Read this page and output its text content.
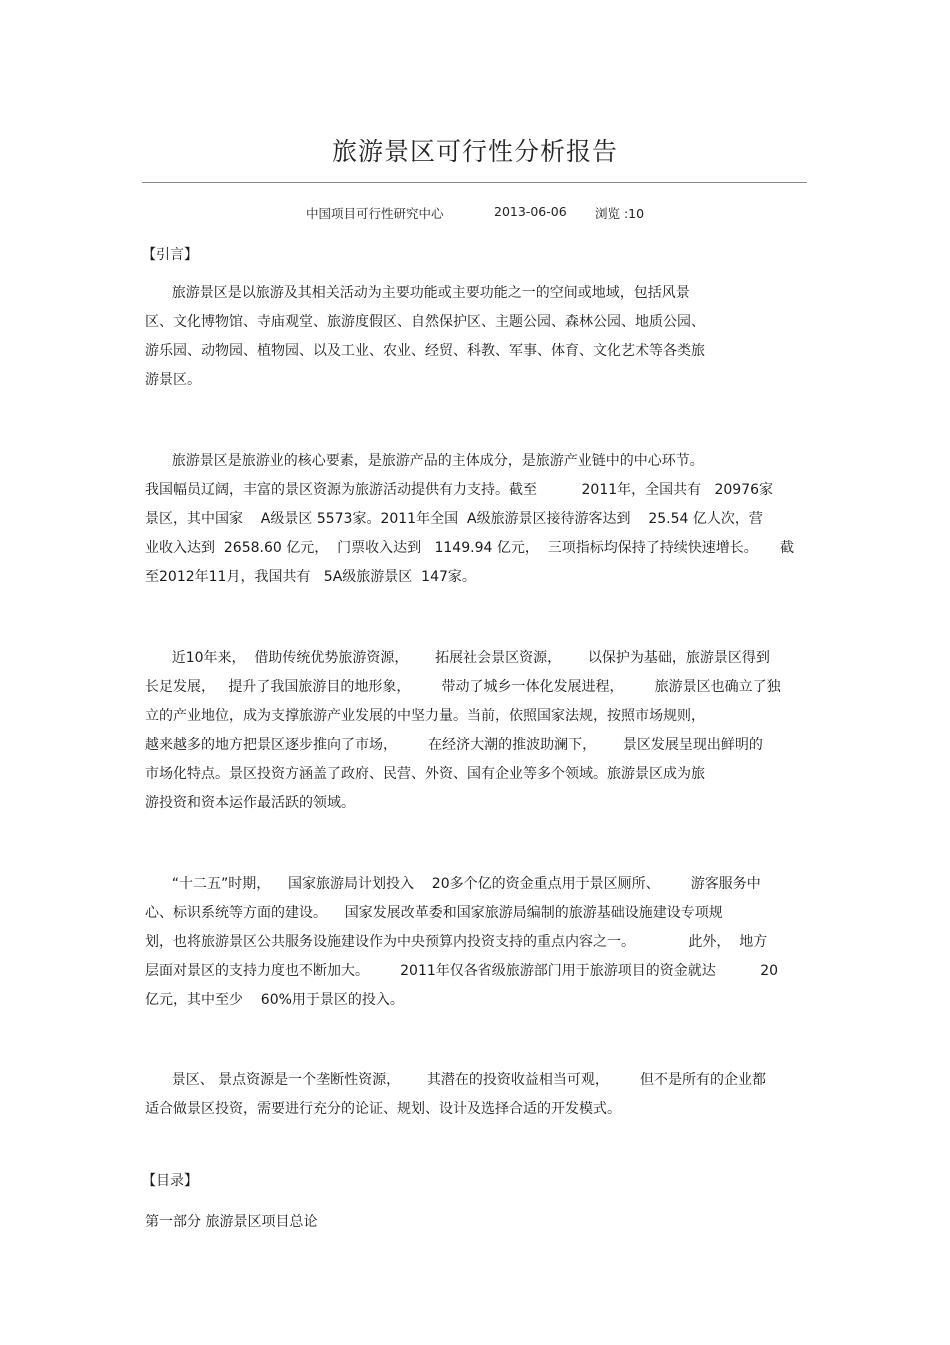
旅游景区可行性分析报告
中国项目可行性研究中心	2013-06-06 浏览 :10
【引言】
旅游景区是以旅游及其相关活动为主要功能或主要功能之一的空间或地域，包括风景
区、文化博物馆、寺庙观堂、旅游度假区、自然保护区、主题公园、森林公园、地质公园、
游乐园、动物园、植物园、以及工业、农业、经贸、科教、军事、体育、文化艺术等各类旅
游景区。
旅游景区是旅游业的核心要素，是旅游产品的主体成分，是旅游产业链中的中心环节。
我国幅员辽阔，丰富的景区资源为旅游活动提供有力支持。截至          2011年，全国共有   20976家
景区，其中国家    A级景区 5573家。2011年全国  A级旅游景区接待游客达到    25.54 亿人次，营
业收入达到  2658.60 亿元，  门票收入达到   1149.94 亿元，  三项指标均保持了持续快速增长。     截
至2012年11月，我国共有   5A级旅游景区  147家。
近10年来，  借助传统优势旅游资源，      拓展社会景区资源，      以保护为基础，旅游景区得到
长足发展，   提升了我国旅游目的地形象，       带动了城乡一体化发展进程，       旅游景区也确立了独
立的产业地位，成为支撑旅游产业发展的中坚力量。当前，依照国家法规，按照市场规则，
越来越多的地方把景区逐步推向了市场，       在经济大潮的推波助澜下，      景区发展呈现出鲜明的
市场化特点。景区投资方涵盖了政府、民营、外资、国有企业等多个领域。旅游景区成为旅
游投资和资本运作最活跃的领域。
“十二五”时期，    国家旅游局计划投入    20多个亿的资金重点用于景区厕所、       游客服务中
心、标识系统等方面的建设。    国家发展改革委和国家旅游局编制的旅游基础设施建设专项规
划，也将旅游景区公共服务设施建设作为中央预算内投资支持的重点内容之一。            此外，  地方
层面对景区的支持力度也不断加大。       2011年仅各省级旅游部门用于旅游项目的资金就达          20
亿元，其中至少    60%用于景区的投入。
景区、 景点资源是一个垄断性资源，      其潜在的投资收益相当可观，       但不是所有的企业都
适合做景区投资，需要进行充分的论证、规划、设计及选择合适的开发模式。
【目录】
第一部分 旅游景区项目总论
